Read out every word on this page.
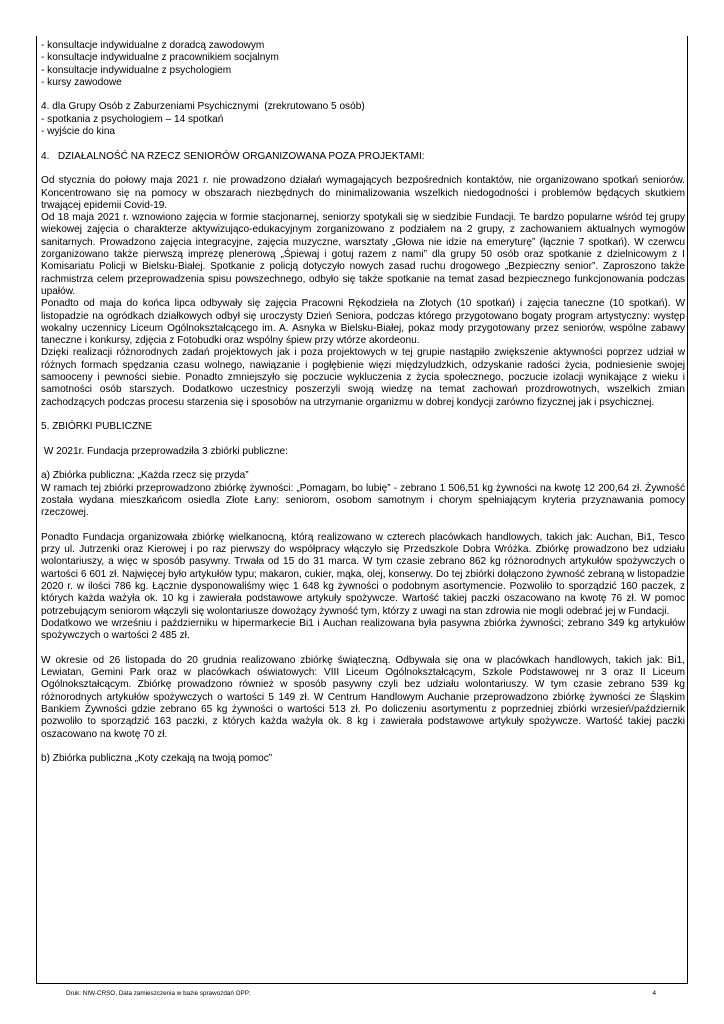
- konsultacje indywidualne z doradcą zawodowym

- konsultacje indywidualne z pracownikiem socjalnym

- konsultacje indywidualne z psychologiem

- kursy zawodowe

4. dla Grupy Osób z Zaburzeniami Psychicznymi  (zrekrutowano 5 osób)

- spotkania z psychologiem – 14 spotkań

- wyjście do kina

4.   DZIAŁALNOŚĆ NA RZECZ SENIORÓW ORGANIZOWANA POZA PROJEKTAMI:

Od stycznia do połowy maja 2021 r. nie prowadzono działań wymagających bezpośrednich kontaktów, nie organizowano spotkań seniorów. Koncentrowano się na pomocy w obszarach niezbędnych do minimalizowania wszelkich niedogodności i problemów będących skutkiem trwającej epidemii Covid-19.

Od 18 maja 2021 r. wznowiono zajęcia w formie stacjonarnej, seniorzy spotykali się w siedzibie Fundacji. Te bardzo popularne wśród tej grupy wiekowej zajęcia o charakterze aktywizująco-edukacyjnym zorganizowano z podziałem na 2 grupy, z zachowaniem aktualnych wymogów sanitarnych. Prowadzono zajęcia integracyjne, zajęcia muzyczne, warsztaty „Głowa nie idzie na emeryturę” (łącznie 7 spotkań). W czerwcu zorganizowano także pierwszą imprezę plenerową „Śpiewaj i gotuj razem z nami” dla grupy 50 osób oraz spotkanie z dzielnicowym z I Komisariatu Policji w Bielsku-Białej. Spotkanie z policją dotyczyło nowych zasad ruchu drogowego „Bezpieczny senior”. Zaproszono także rachmistrza celem przeprowadzenia spisu powszechnego, odbyło się także spotkanie na temat zasad bezpiecznego funkcjonowania podczas upałów.

Ponadto od maja do końca lipca odbywały się zajęcia Pracowni Rękodzieła na Złotych (10 spotkań) i zajęcia taneczne (10 spotkań). W listopadzie na ogródkach działkowych odbył się uroczysty Dzień Seniora, podczas którego przygotowano bogaty program artystyczny: występ wokalny uczennicy Liceum Ogólnokształcącego im. A. Asnyka w Bielsku-Białej, pokaz mody przygotowany przez seniorów, wspólne zabawy taneczne i konkursy, zdjęcia z Fotobudki oraz wspólny śpiew przy wtórze akordeonu.

Dzięki realizacji różnorodnych zadań projektowych jak i poza projektowych w tej grupie nastąpiło zwiększenie aktywności poprzez udział w różnych formach spędzania czasu wolnego, nawiązanie i pogłębienie więzi międzyludzkich, odzyskanie radości życia, podniesienie swojej samooceny i pewności siebie. Ponadto zmniejszyło się poczucie wykluczenia z życia społecznego, poczucie izolacji wynikające z wieku i samotności osób starszych. Dodatkowo uczestnicy poszerzyli swoją wiedzę na temat zachowań prozdrowotnych, wszelkich zmian zachodzących podczas procesu starzenia się i sposobów na utrzymanie organizmu w dobrej kondycji zarówno fizycznej jak i psychicznej.

5. ZBIÓRKI PUBLICZNE

W 2021r. Fundacja przeprowadziła 3 zbiórki publiczne:

a) Zbiórka publiczna: „Każda rzecz się przyda”

W ramach tej zbiórki przeprowadzono zbiórkę żywności: „Pomagam, bo lubię” - zebrano 1 506,51 kg żywności na kwotę 12 200,64 zł. Żywność została wydana mieszkańcom osiedla Złote Łany: seniorom, osobom samotnym i chorym spełniającym kryteria przyznawania pomocy rzeczowej.

Ponadto Fundacja organizowała zbiórkę wielkanocną, którą realizowano w czterech placówkach handlowych, takich jak: Auchan, Bi1, Tesco przy ul. Jutrzenki oraz Kierowej i po raz pierwszy do współpracy włączyło się Przedszkole Dobra Wróżka. Zbiórkę prowadzono bez udziału wolontariuszy, a więc w sposób pasywny. Trwała od 15 do 31 marca. W tym czasie zebrano 862 kg różnorodnych artykułów spożywczych o wartości 6 601 zł. Najwięcej było artykułów typu; makaron, cukier, mąka, olej, konserwy. Do tej zbiórki dołączono żywność zebraną w listopadzie 2020 r. w ilości 786 kg. Łącznie dysponowaliśmy więc 1 648 kg żywności o podobnym asortymencie. Pozwoliło to sporządzić 160 paczek, z których każda ważyła ok. 10 kg i zawierała podstawowe artykuły spożywcze. Wartość takiej paczki oszacowano na kwotę 76 zł. W pomoc potrzebującym seniorom włączyli się wolontariusze dowożący żywność tym, którzy z uwagi na stan zdrowia nie mogli odebrać jej w Fundacji.

Dodatkowo we wrześniu i październiku w hipermarkecie Bi1 i Auchan realizowana była pasywna zbiórka żywności; zebrano 349 kg artykułów spożywczych o wartości 2 485 zł.

W okresie od 26 listopada do 20 grudnia realizowano zbiórkę świąteczną. Odbywała się ona w placówkach handlowych, takich jak: Bi1, Lewiatan, Gemini Park oraz w placówkach oświatowych: VIII Liceum Ogólnokształcącym, Szkole Podstawowej nr 3 oraz II Liceum Ogólnokształcącym. Zbiórkę prowadzono również w sposób pasywny czyli bez udziału wolontariuszy. W tym czasie zebrano 539 kg różnorodnych artykułów spożywczych o wartości 5 149 zł. W Centrum Handlowym Auchanie przeprowadzono zbiórkę żywności ze Śląskim Bankiem Żywności gdzie zebrano 65 kg żywności o wartości 513 zł. Po doliczeniu asortymentu z poprzedniej zbiórki wrzesień/październik pozwoliło to sporządzić 163 paczki, z których każda ważyła ok. 8 kg i zawierała podstawowe artykuły spożywcze. Wartość takiej paczki oszacowano na kwotę 70 zł.

b) Zbiórka publiczna „Koty czekają na twoją pomoc”

Druk: NIW-CRSO, Data zamieszczenia w bazie sprawozdań OPP:	4
